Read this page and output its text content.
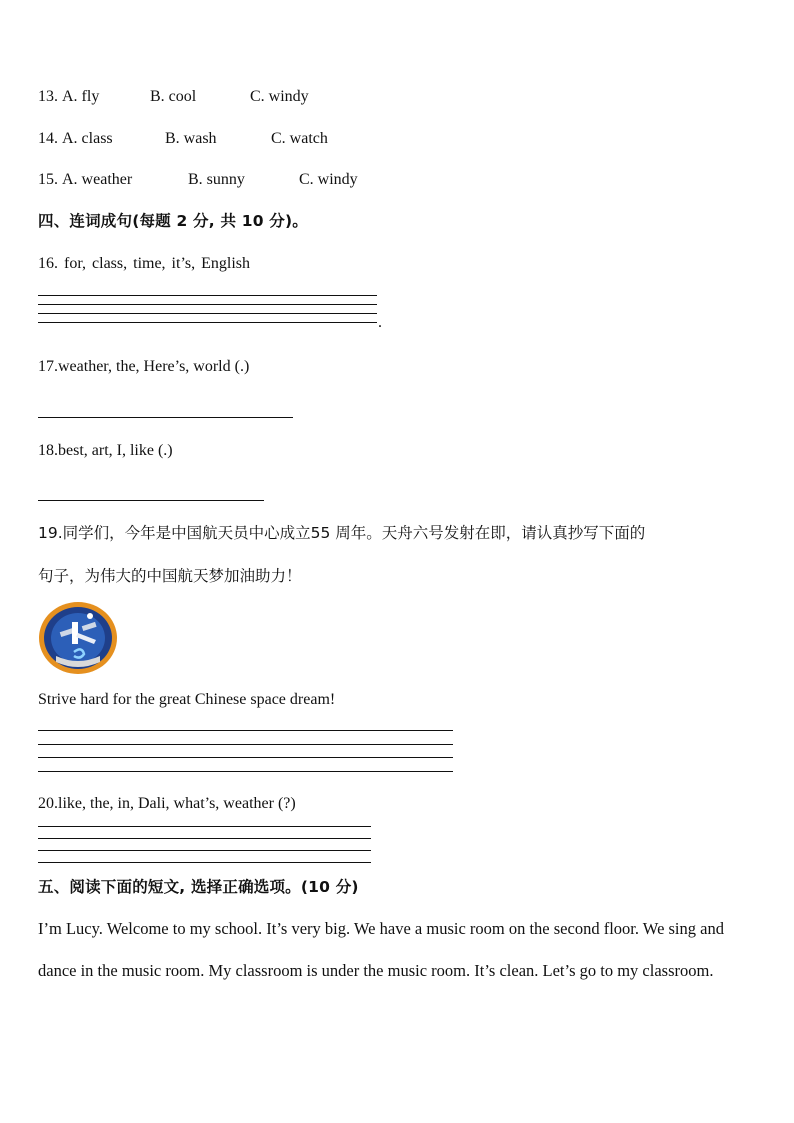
13. A. fly	B. cool	C. windy
14. A. class	B. wash	C. watch
15. A. weather	B. sunny	C. windy
四、连词成句(每题 2 分, 共 10 分)。
16. for, class, time, it’s, English
.
17.weather, the, Here’s, world (.)
18.best, art, I, like (.)
19.同学们，今年是中国航天员中心成立55 周年。天舟六号发射在即，请认真抄写下面的
句子，为伟大的中国航天梦加油助力！
Strive hard for the great Chinese space dream!
20.like, the, in, Dali, what’s, weather (?)
五、阅读下面的短文, 选择正确选项。(10 分)
I’m Lucy. Welcome to my school. It’s very big. We have a music room on the second floor. We sing and dance in the music room. My classroom is under the music room. It’s clean. Let’s go to my classroom.
